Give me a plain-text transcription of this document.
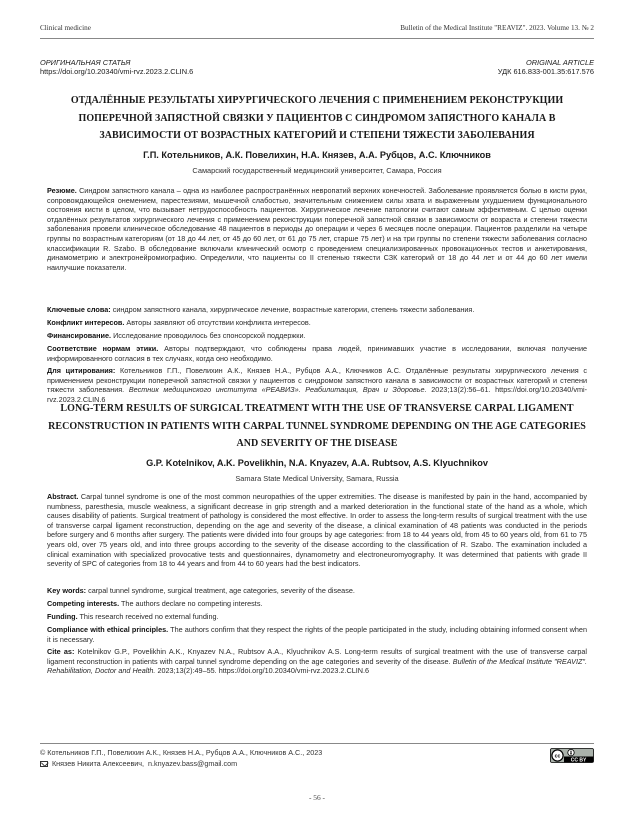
Clinical medicine	Bulletin of the Medical Institute "REAVIZ". 2023. Volume 13. № 2
ОРИГИНАЛЬНАЯ СТАТЬЯ	ORIGINAL ARTICLE
https://doi.org/10.20340/vmi-rvz.2023.2.CLIN.6	УДК 616.833-001.35:617.576
ОТДАЛЁННЫЕ РЕЗУЛЬТАТЫ ХИРУРГИЧЕСКОГО ЛЕЧЕНИЯ С ПРИМЕНЕНИЕМ РЕКОНСТРУКЦИИ ПОПЕРЕЧНОЙ ЗАПЯСТНОЙ СВЯЗКИ У ПАЦИЕНТОВ С СИНДРОМОМ ЗАПЯСТНОГО КАНАЛА В ЗАВИСИМОСТИ ОТ ВОЗРАСТНЫХ КАТЕГОРИЙ И СТЕПЕНИ ТЯЖЕСТИ ЗАБОЛЕВАНИЯ
Г.П. Котельников, А.К. Повелихин, Н.А. Князев, А.А. Рубцов, А.С. Ключников
Самарский государственный медицинский университет, Самара, Россия
Резюме. Синдром запястного канала – одна из наиболее распространённых невропатий верхних конечностей. Заболевание проявляется болью в кисти руки, сопровождающейся онемением, парестезиями, мышечной слабостью, значительным снижением силы хвата и выраженным ухудшением функционального состояния кисти в целом, что вызывает нетрудоспособность пациентов. Хирургическое лечение патологии считают самым эффективным. С целью оценки отдалённых результатов хирургического лечения с применением реконструкции поперечной запястной связки в зависимости от возраста и степени тяжести заболевания провели клиническое обследование 48 пациентов в периоды до операции и через 6 месяцев после операции. Пациентов разделили на четыре группы по возрастным категориям (от 18 до 44 лет, от 45 до 60 лет, от 61 до 75 лет, старше 75 лет) и на три группы по степени тяжести заболевания согласно классификации R. Szabo. В обследование включали клинический осмотр с проведением специализированных провокационных тестов и анкетирования, динамометрию и электронейромиографию. Определили, что пациенты со II степенью тяжести СЗК категорий от 18 до 44 лет и от 44 до 60 лет имели наилучшие показатели.
Ключевые слова: синдром запястного канала, хирургическое лечение, возрастные категории, степень тяжести заболевания.
Конфликт интересов. Авторы заявляют об отсутствии конфликта интересов.
Финансирование. Исследование проводилось без спонсорской поддержки.
Соответствие нормам этики. Авторы подтверждают, что соблюдены права людей, принимавших участие в исследовании, включая получение информированного согласия в тех случаях, когда оно необходимо.
Для цитирования: Котельников Г.П., Повелихин А.К., Князев Н.А., Рубцов А.А., Ключников А.С. Отдалённые результаты хирургического лечения с применением реконструкции поперечной запястной связки у пациентов с синдромом запястного канала в зависимости от возрастных категорий и степени тяжести заболевания. Вестник медицинского института «РЕАВИЗ». Реабилитация, Врач и Здоровье. 2023;13(2):56–61. https://doi.org/10.20340/vmi-rvz.2023.2.CLIN.6
LONG-TERM RESULTS OF SURGICAL TREATMENT WITH THE USE OF TRANSVERSE CARPAL LIGAMENT RECONSTRUCTION IN PATIENTS WITH CARPAL TUNNEL SYNDROME DEPENDING ON THE AGE CATEGORIES AND SEVERITY OF THE DISEASE
G.P. Kotelnikov, A.K. Povelikhin, N.A. Knyazev, A.A. Rubtsov, A.S. Klyuchnikov
Samara State Medical University, Samara, Russia
Abstract. Carpal tunnel syndrome is one of the most common neuropathies of the upper extremities. The disease is manifested by pain in the hand, accompanied by numbness, paresthesia, muscle weakness, a significant decrease in grip strength and a marked deterioration in the functional state of the hand as a whole, which causes disability of patients. Surgical treatment of pathology is considered the most effective. In order to assess the long-term results of surgical treatment with the use of transverse carpal ligament reconstruction, depending on the age and severity of the disease, a clinical examination of 48 patients was conducted in the periods before surgery and 6 months after surgery. The patients were divided into four groups by age categories: from 18 to 44 years old, from 45 to 60 years old, from 61 to 75 years old, over 75 years old, and into three groups according to the severity of the disease according to the classification of R. Szabo. The examination included a clinical examination with specialized provocative tests and questionnaires, dynamometry and electroneuromyography. It was determined that patients with grade II severity of SPC of categories from 18 to 44 years and from 44 to 60 years had the best indicators.
Key words: carpal tunnel syndrome, surgical treatment, age categories, severity of the disease.
Competing interests. The authors declare no competing interests.
Funding. This research received no external funding.
Compliance with ethical principles. The authors confirm that they respect the rights of the people participated in the study, including obtaining informed consent when it is necessary.
Cite as: Kotelnikov G.P., Povelikhin A.K., Knyazev N.A., Rubtsov A.A., Klyuchnikov A.S. Long-term results of surgical treatment with the use of transverse carpal ligament reconstruction in patients with carpal tunnel syndrome depending on the age categories and severity of the disease. Bulletin of the Medical Institute "REAVIZ". Rehabilitation, Doctor and Health. 2023;13(2):49–55. https://doi.org/10.20340/vmi-rvz.2023.2.CLIN.6
© Котельников Г.П., Повелихин А.К., Князев Н.А., Рубцов А.А., Ключников А.С., 2023
Князев Никита Алексеевич, n.knyazev.bass@gmail.com
cc
CC BY
- 56 -
